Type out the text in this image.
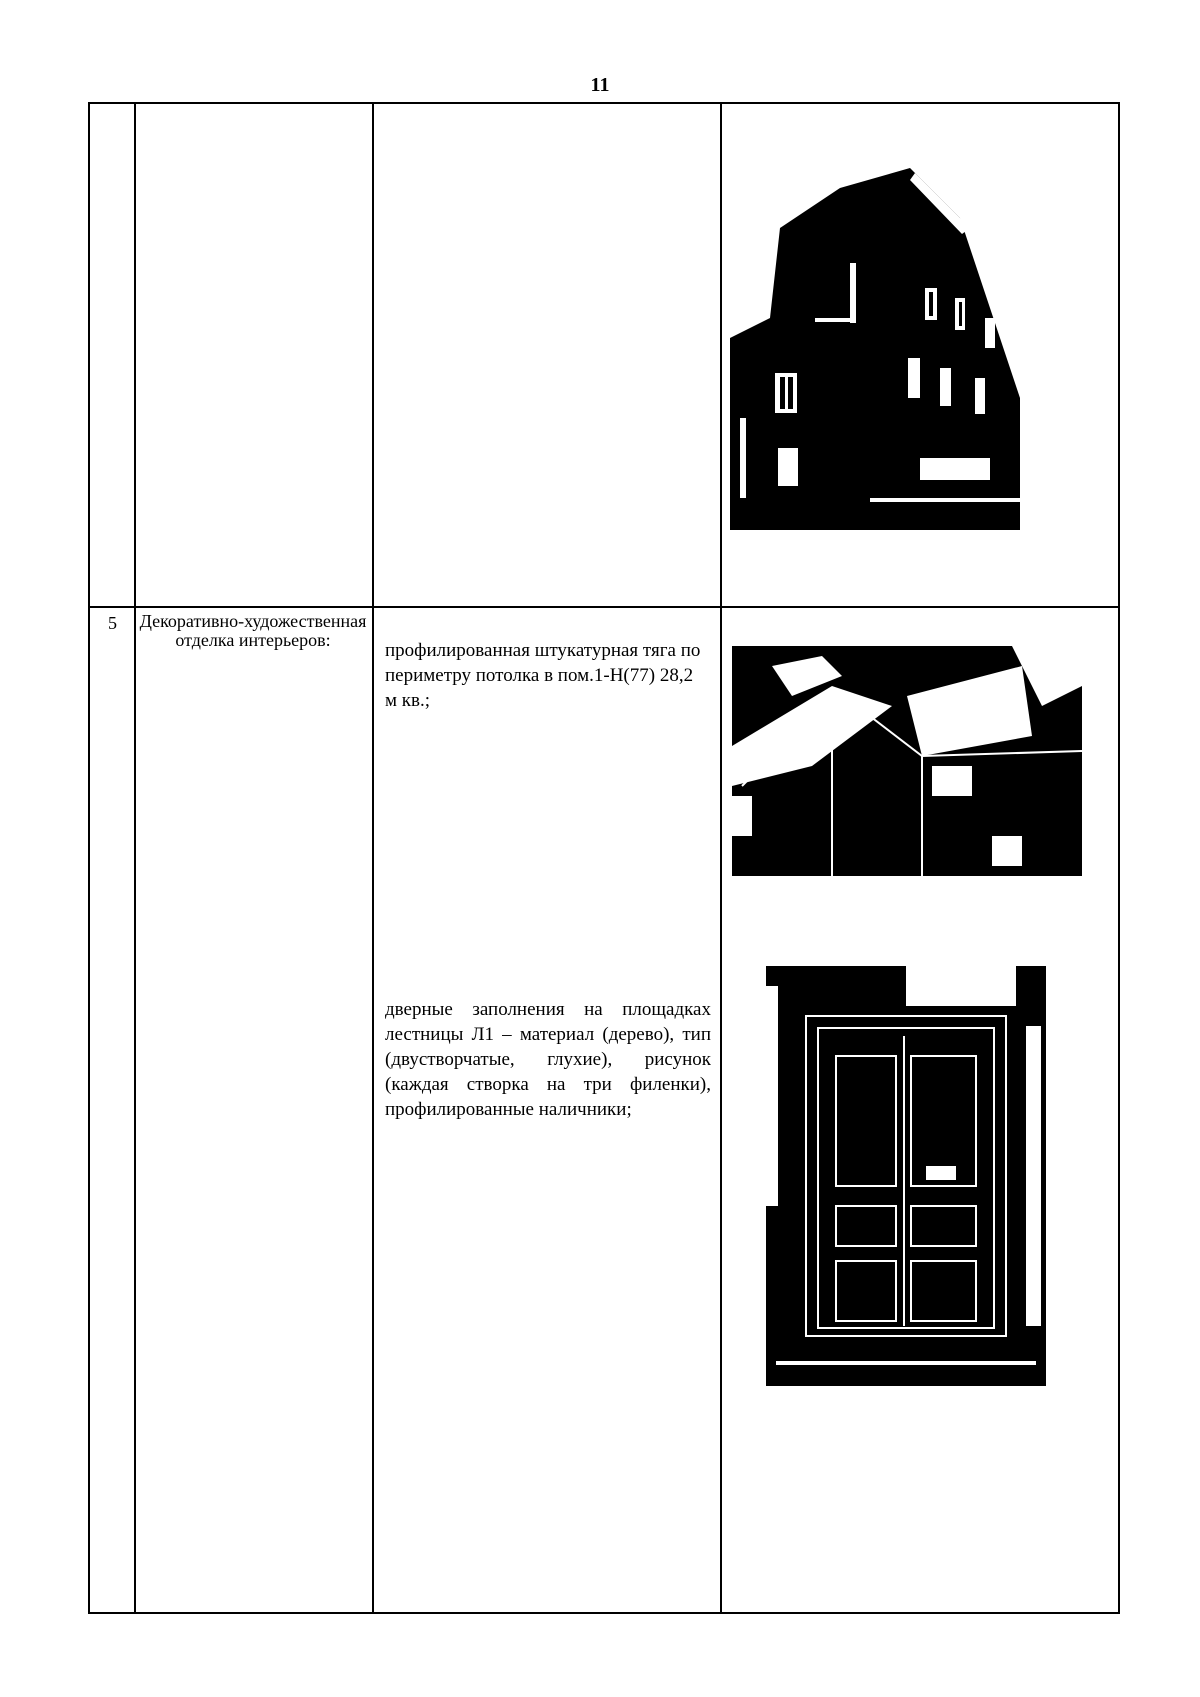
11
5	Декоративно-художественная отделка интерьеров:	профилированная штукатурная тяга по периметру потолка в пом.1-Н(77) 28,2 м кв.;
дверные заполнения на площадках лестницы Л1 – материал (дерево), тип (двустворчатые, глухие), рисунок (каждая створка на три филенки), профилированные наличники;
